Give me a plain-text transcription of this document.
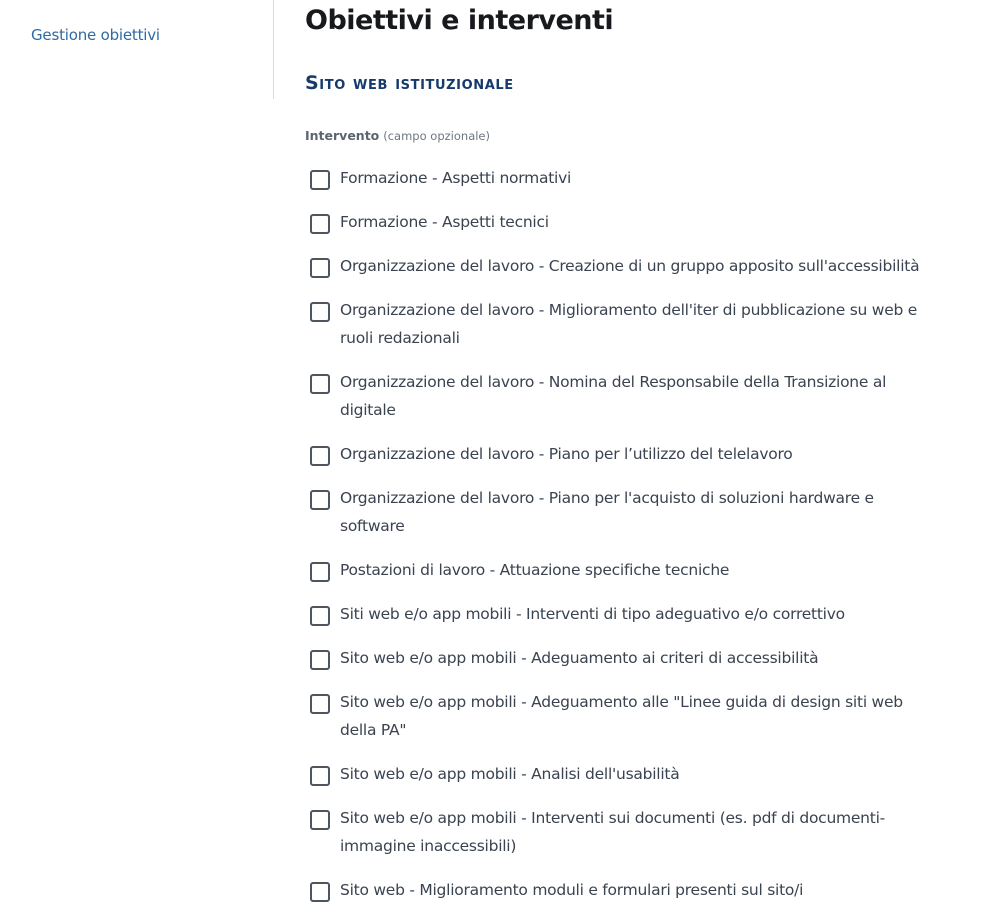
Gestione obiettivi	Obiettivi e interventi
Sito web istituzionale
Intervento (campo opzionale)
Formazione - Aspetti normativi
Formazione - Aspetti tecnici
Organizzazione del lavoro - Creazione di un gruppo apposito sull'accessibilità
Organizzazione del lavoro - Miglioramento dell'iter di pubblicazione su web e ruoli redazionali
Organizzazione del lavoro - Nomina del Responsabile della Transizione al digitale
Organizzazione del lavoro - Piano per l’utilizzo del telelavoro
Organizzazione del lavoro - Piano per l'acquisto di soluzioni hardware e software
Postazioni di lavoro - Attuazione specifiche tecniche
Siti web e/o app mobili - Interventi di tipo adeguativo e/o correttivo
Sito web e/o app mobili - Adeguamento ai criteri di accessibilità
Sito web e/o app mobili - Adeguamento alle "Linee guida di design siti web della PA"
Sito web e/o app mobili - Analisi dell'usabilità
Sito web e/o app mobili - Interventi sui documenti (es. pdf di documenti-immagine inaccessibili)
Sito web - Miglioramento moduli e formulari presenti sul sito/i
